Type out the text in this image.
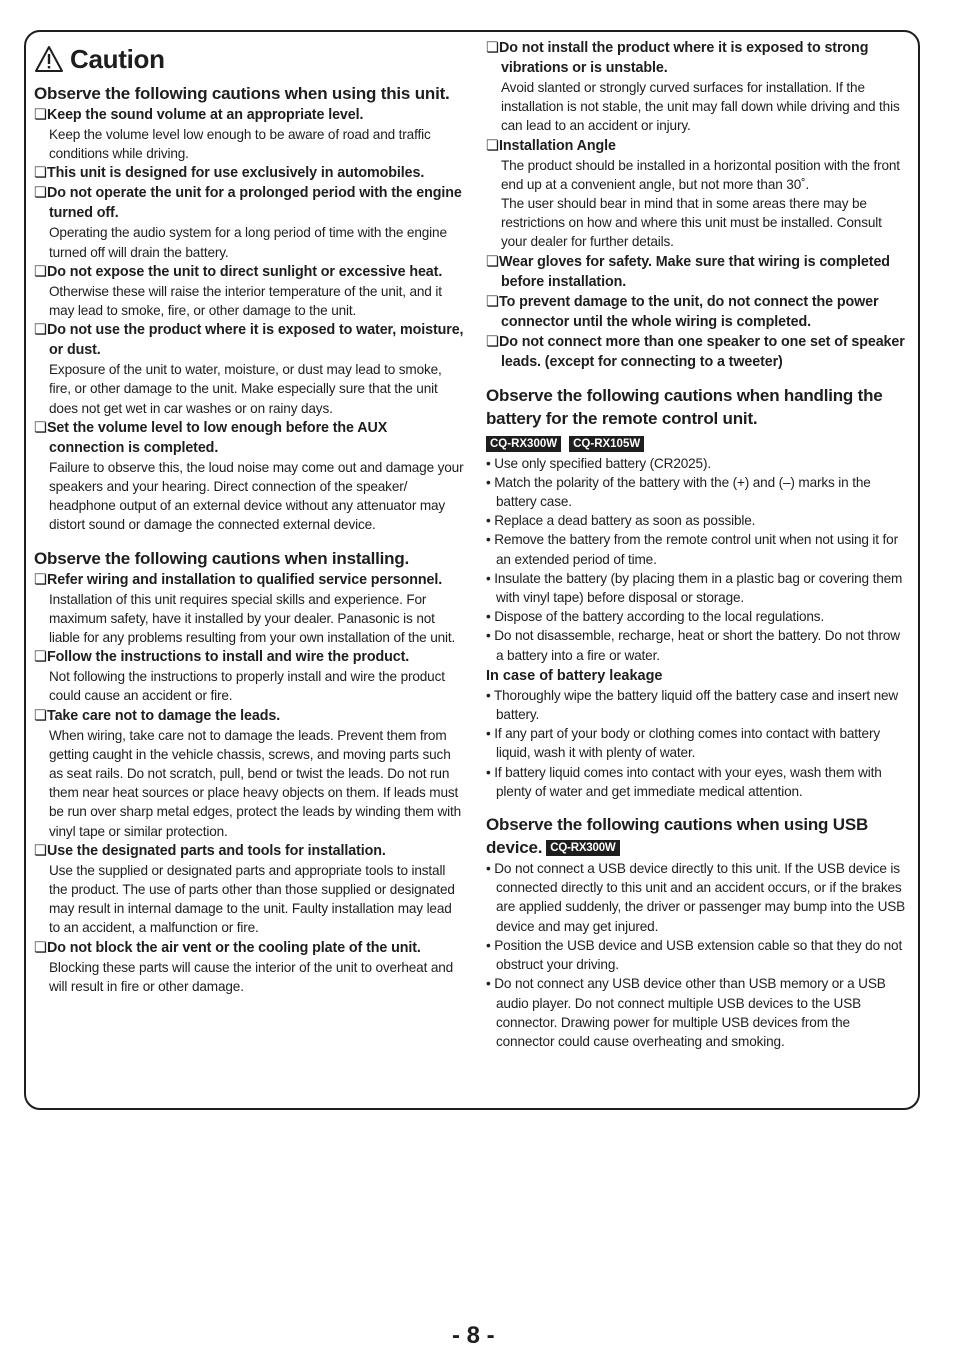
Caution
Observe the following cautions when using this unit.
❏Keep the sound volume at an appropriate level.
Keep the volume level low enough to be aware of road and traffic conditions while driving.
❏This unit is designed for use exclusively in automobiles.
❏Do not operate the unit for a prolonged period with the engine turned off.
Operating the audio system for a long period of time with the engine turned off will drain the battery.
❏Do not expose the unit to direct sunlight or excessive heat.
Otherwise these will raise the interior temperature of the unit, and it may lead to smoke, fire, or other damage to the unit.
❏Do not use the product where it is exposed to water, moisture, or dust.
Exposure of the unit to water, moisture, or dust may lead to smoke, fire, or other damage to the unit. Make especially sure that the unit does not get wet in car washes or on rainy days.
❏Set the volume level to low enough before the AUX connection is completed.
Failure to observe this, the loud noise may come out and damage your speakers and your hearing. Direct connection of the speaker/ headphone output of an external device without any attenuator may distort sound or damage the connected external device.
Observe the following cautions when installing.
❏Refer wiring and installation to qualified service personnel.
Installation of this unit requires special skills and experience. For maximum safety, have it installed by your dealer. Panasonic is not liable for any problems resulting from your own installation of the unit.
❏Follow the instructions to install and wire the product.
Not following the instructions to properly install and wire the product could cause an accident or fire.
❏Take care not to damage the leads.
When wiring, take care not to damage the leads. Prevent them from getting caught in the vehicle chassis, screws, and moving parts such as seat rails. Do not scratch, pull, bend or twist the leads. Do not run them near heat sources or place heavy objects on them. If leads must be run over sharp metal edges, protect the leads by winding them with vinyl tape or similar protection.
❏Use the designated parts and tools for installation.
Use the supplied or designated parts and appropriate tools to install the product. The use of parts other than those supplied or designated may result in internal damage to the unit. Faulty installation may lead to an accident, a malfunction or fire.
❏Do not block the air vent or the cooling plate of the unit.
Blocking these parts will cause the interior of the unit to overheat and will result in fire or other damage.
❏Do not install the product where it is exposed to strong vibrations or is unstable.
Avoid slanted or strongly curved surfaces for installation. If the installation is not stable, the unit may fall down while driving and this can lead to an accident or injury.
❏Installation Angle
The product should be installed in a horizontal position with the front end up at a convenient angle, but not more than 30˚.
The user should bear in mind that in some areas there may be restrictions on how and where this unit must be installed. Consult your dealer for further details.
❏Wear gloves for safety. Make sure that wiring is completed before installation.
❏To prevent damage to the unit, do not connect the power connector until the whole wiring is completed.
❏Do not connect more than one speaker to one set of speaker leads. (except for connecting to a tweeter)
Observe the following cautions when handling the battery for the remote control unit.
CQ-RX300W	CQ-RX105W
• Use only specified battery (CR2025).
• Match the polarity of the battery with the (+) and (–) marks in the battery case.
• Replace a dead battery as soon as possible.
• Remove the battery from the remote control unit when not using it for an extended period of time.
• Insulate the battery (by placing them in a plastic bag or covering them with vinyl tape) before disposal or storage.
• Dispose of the battery according to the local regulations.
• Do not disassemble, recharge, heat or short the battery. Do not throw a battery into a fire or water.
In case of battery leakage
• Thoroughly wipe the battery liquid off the battery case and insert new battery.
• If any part of your body or clothing comes into contact with battery liquid, wash it with plenty of water.
• If battery liquid comes into contact with your eyes, wash them with plenty of water and get immediate medical attention.
Observe the following cautions when using USB device. CQ-RX300W
• Do not connect a USB device directly to this unit. If the USB device is connected directly to this unit and an accident occurs, or if the brakes are applied suddenly, the driver or passenger may bump into the USB device and may get injured.
• Position the USB device and USB extension cable so that they do not obstruct your driving.
• Do not connect any USB device other than USB memory or a USB audio player. Do not connect multiple USB devices to the USB connector. Drawing power for multiple USB devices from the connector could cause overheating and smoking.
- 8 -
